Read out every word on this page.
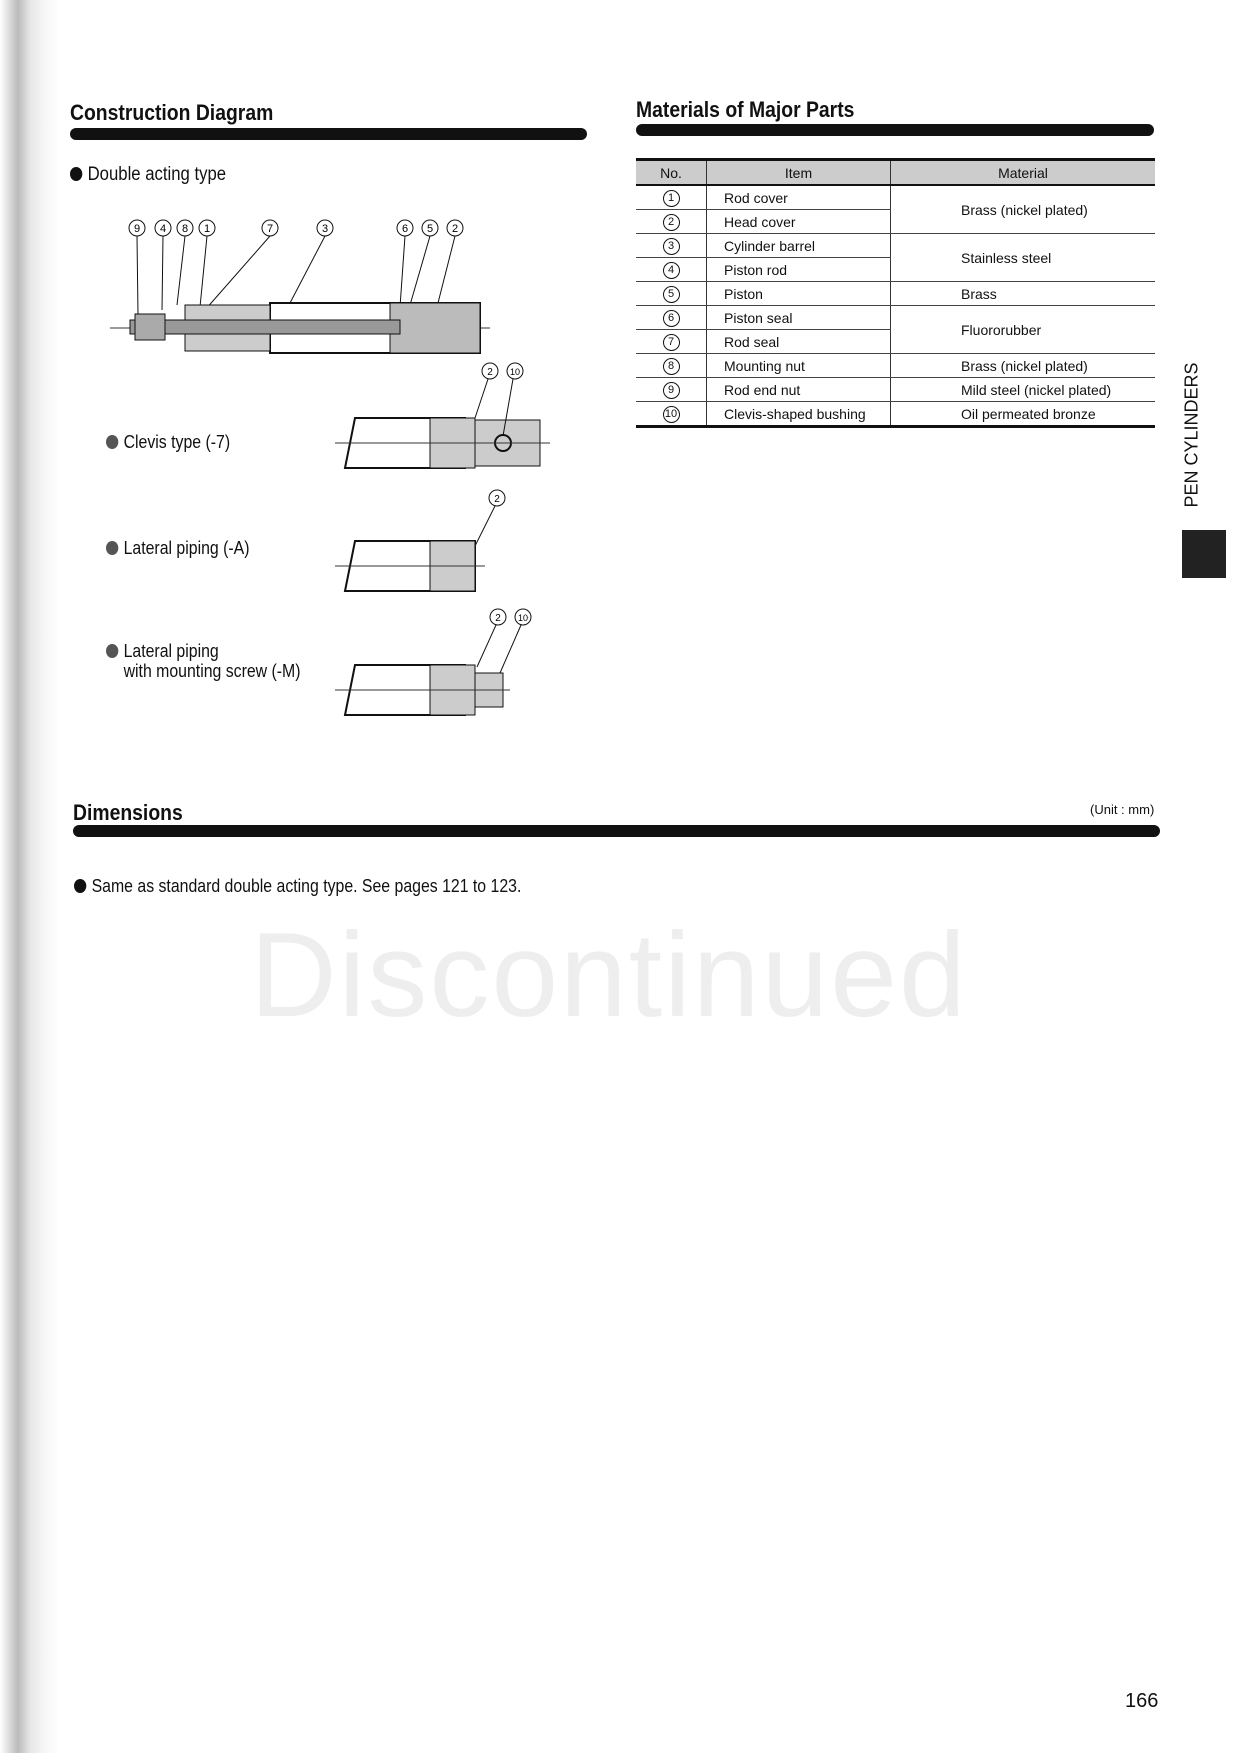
Discontinued
Construction Diagram
Double acting type
9 4 8 1	7	3	6 5 2
Clevis type (-7)
2 10
Lateral piping (-A)
2
Lateral piping
with mounting screw (-M)
2 10
Materials of Major Parts
No.	Item	Material
1	Rod cover	Brass (nickel plated)
2	Head cover	
3	Cylinder barrel	Stainless steel
4	Piston rod	
5	Piston	Brass
6	Piston seal	Fluororubber
7	Rod seal	
8	Mounting nut	Brass (nickel plated)
9	Rod end nut	Mild steel (nickel plated)
10	Clevis-shaped bushing	Oil permeated bronze	PEN CYLINDERS
Dimensions	(Unit : mm)
Same as standard double acting type. See pages 121 to 123.
166
